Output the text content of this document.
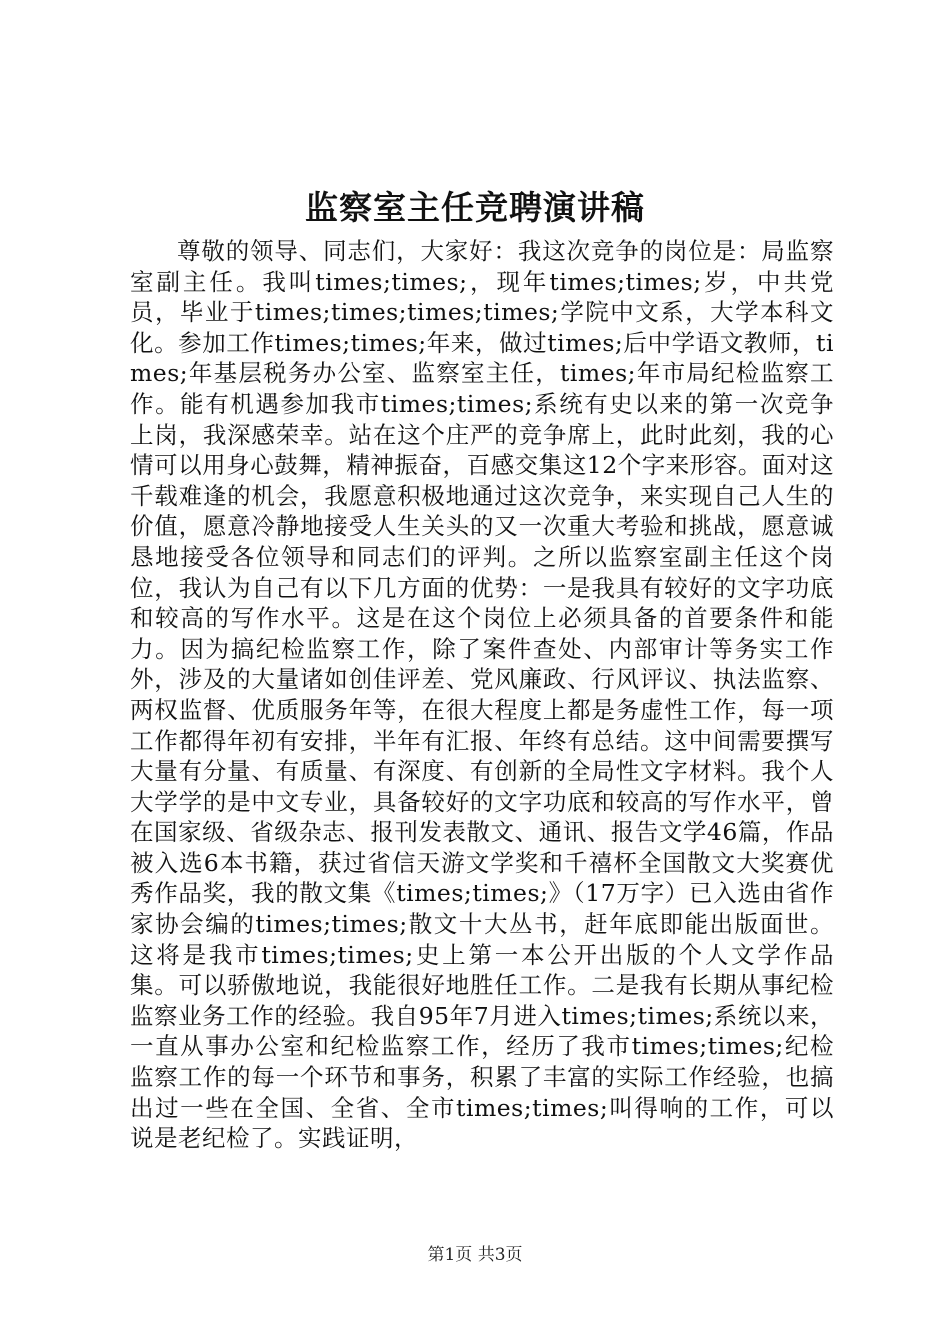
监察室主任竞聘演讲稿

尊敬的领导、同志们，大家好：我这次竞争的岗位是：局监察室副主任。我叫times;times;，现年times;times;岁，中共党员，毕业于times;times;times;times;学院中文系，大学本科文化。参加工作times;times;年来，做过times;后中学语文教师，times;年基层税务办公室、监察室主任，times;年市局纪检监察工作。能有机遇参加我市times;times;系统有史以来的第一次竞争上岗，我深感荣幸。站在这个庄严的竞争席上，此时此刻，我的心情可以用身心鼓舞，精神振奋，百感交集这12个字来形容。面对这千载难逢的机会，我愿意积极地通过这次竞争，来实现自己人生的价值，愿意冷静地接受人生关头的又一次重大考验和挑战，愿意诚恳地接受各位领导和同志们的评判。之所以监察室副主任这个岗位，我认为自己有以下几方面的优势：一是我具有较好的文字功底和较高的写作水平。这是在这个岗位上必须具备的首要条件和能力。因为搞纪检监察工作，除了案件查处、内部审计等务实工作外，涉及的大量诸如创佳评差、党风廉政、行风评议、执法监察、两权监督、优质服务年等，在很大程度上都是务虚性工作，每一项工作都得年初有安排，半年有汇报、年终有总结。这中间需要撰写大量有分量、有质量、有深度、有创新的全局性文字材料。我个人大学学的是中文专业，具备较好的文字功底和较高的写作水平，曾在国家级、省级杂志、报刊发表散文、通讯、报告文学46篇，作品被入选6本书籍，获过省信天游文学奖和千禧杯全国散文大奖赛优秀作品奖，我的散文集《times;times;》（17万字）已入选由省作家协会编的times;times;散文十大丛书，赶年底即能出版面世。这将是我市times;times;史上第一本公开出版的个人文学作品集。可以骄傲地说，我能很好地胜任工作。二是我有长期从事纪检监察业务工作的经验。我自95年7月进入times;times;系统以来，一直从事办公室和纪检监察工作，经历了我市times;times;纪检监察工作的每一个环节和事务，积累了丰富的实际工作经验，也搞出过一些在全国、全省、全市times;times;叫得响的工作，可以说是老纪检了。实践证明，

第1页 共3页
